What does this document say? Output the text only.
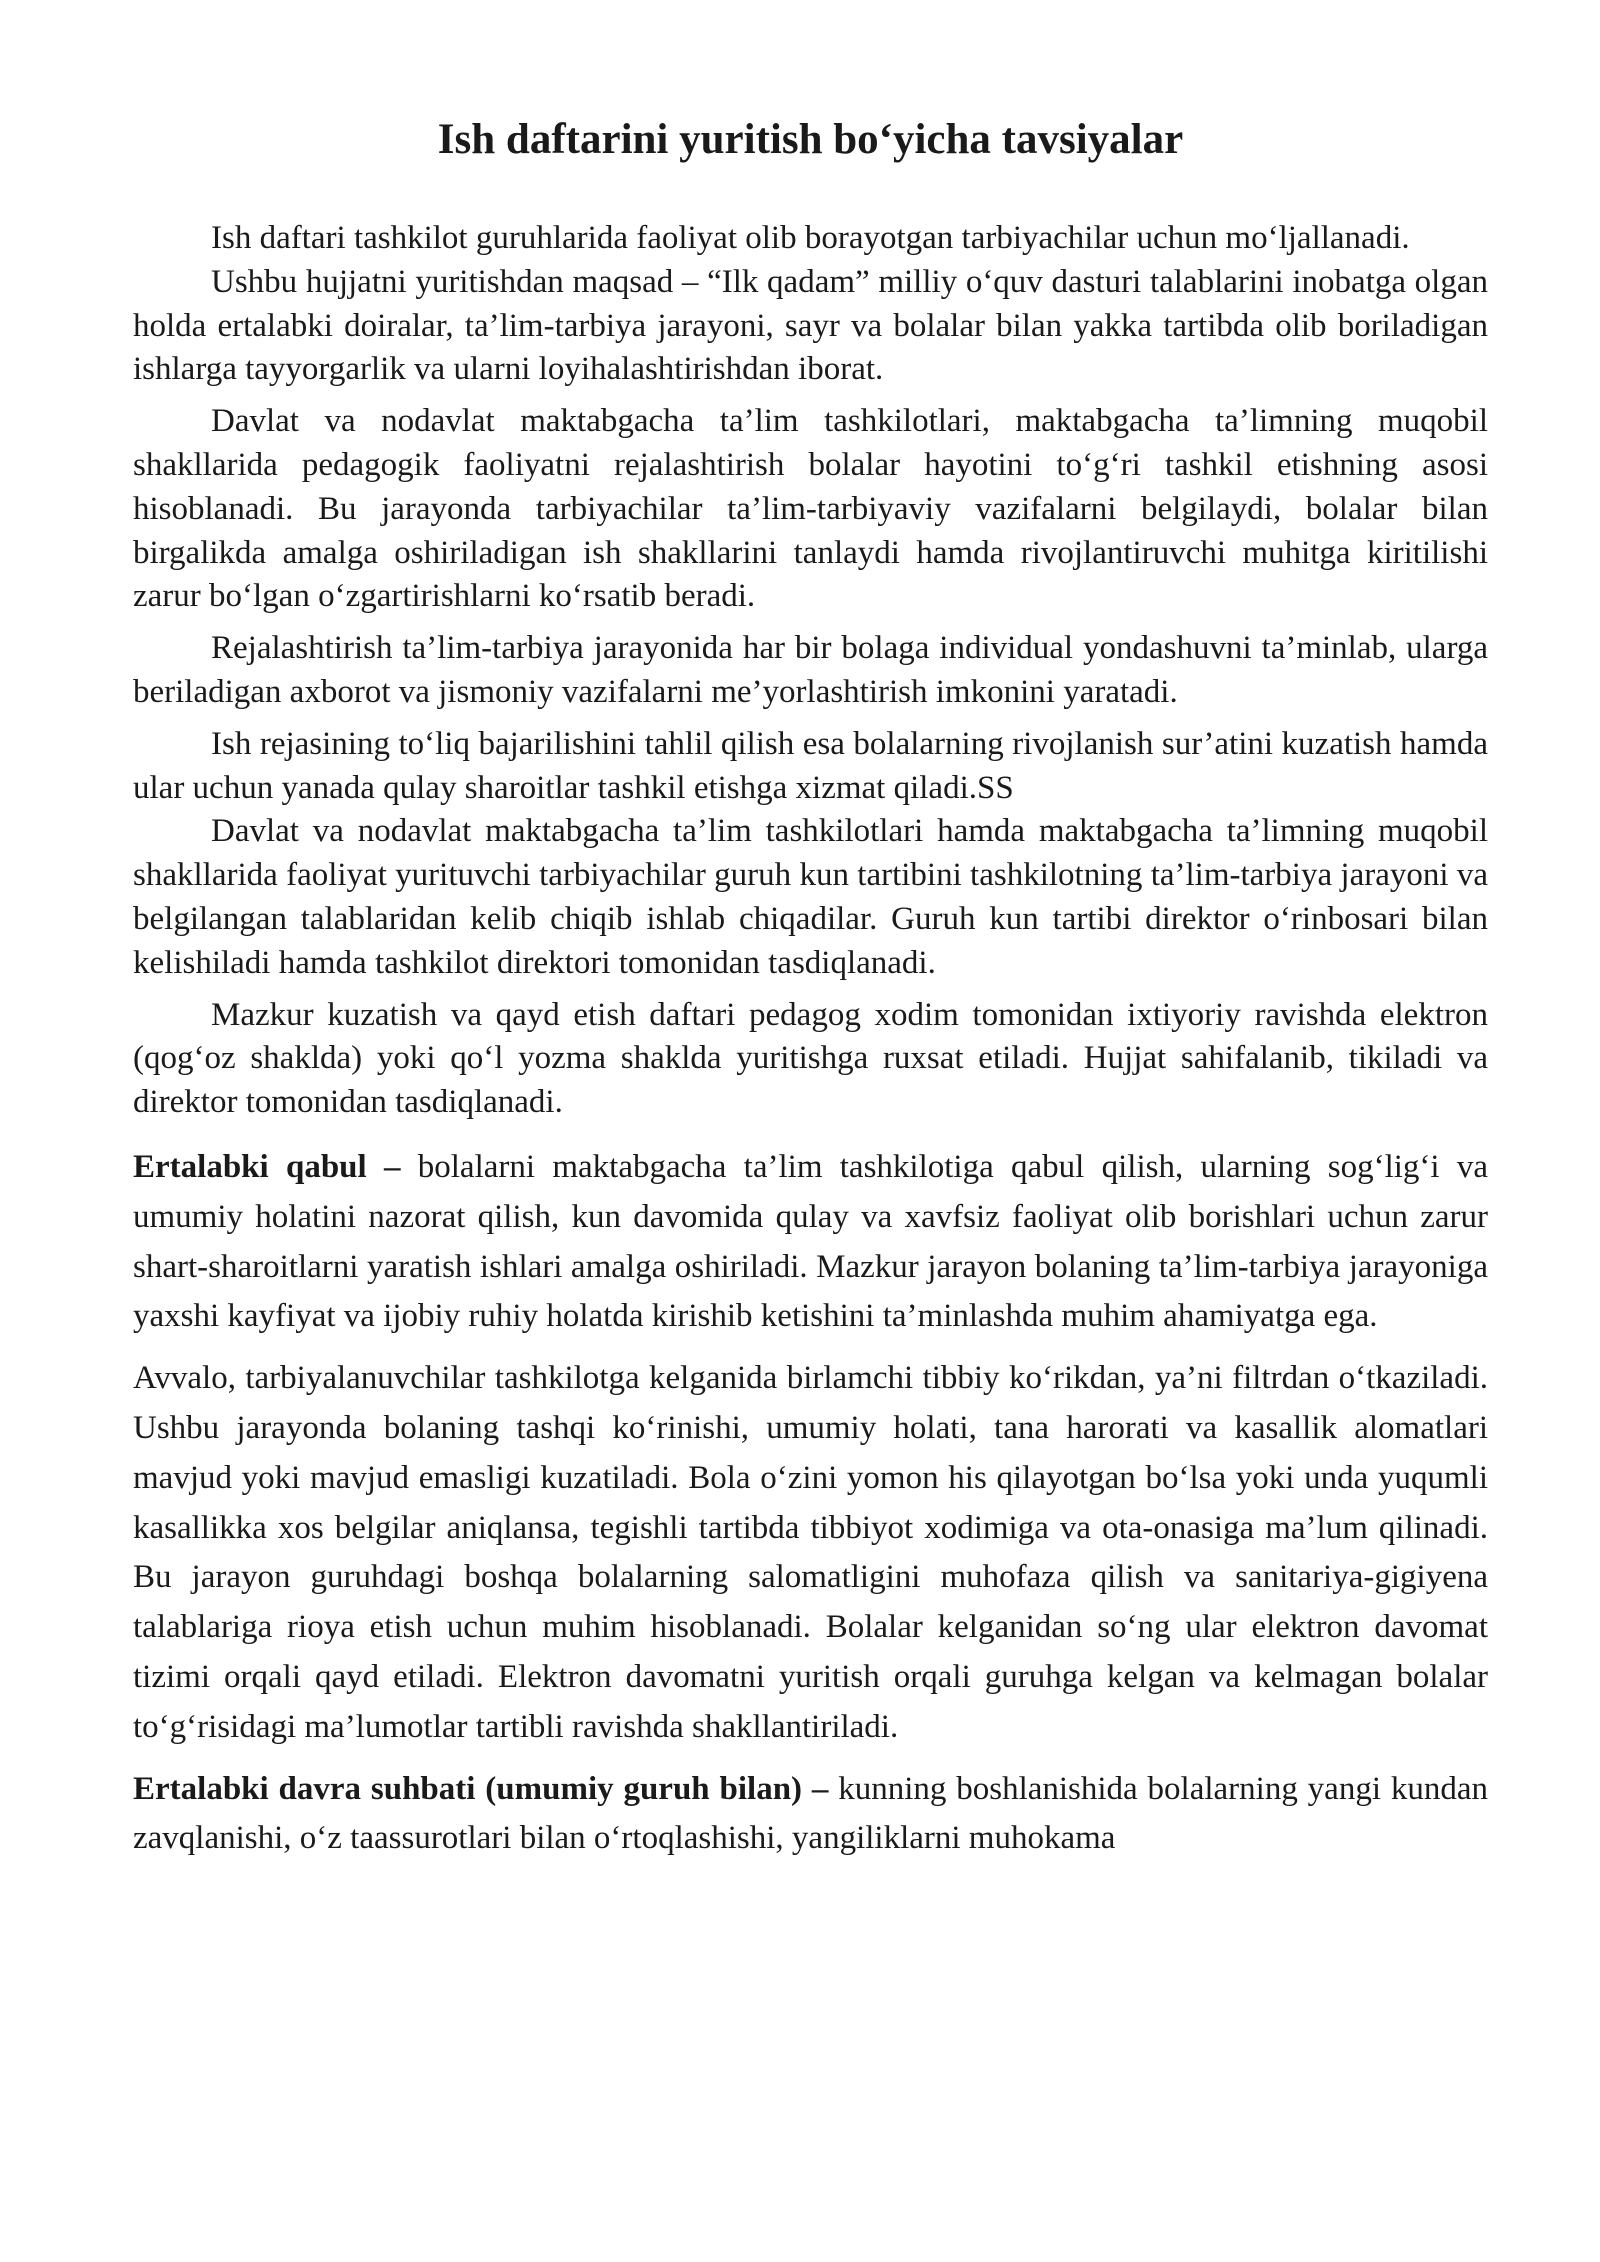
Ish daftarini yuritish bo‘yicha tavsiyalar

Ish daftari tashkilot guruhlarida faoliyat olib borayotgan tarbiyachilar uchun mo‘ljallanadi.

Ushbu hujjatni yuritishdan maqsad – “Ilk qadam” milliy o‘quv dasturi talablarini inobatga olgan holda ertalabki doiralar, ta’lim-tarbiya jarayoni, sayr va bolalar bilan yakka tartibda olib boriladigan ishlarga tayyorgarlik va ularni loyihalashtirishdan iborat.

Davlat va nodavlat maktabgacha ta’lim tashkilotlari, maktabgacha ta’limning muqobil shakllarida pedagogik faoliyatni rejalashtirish bolalar hayotini to‘g‘ri tashkil etishning asosi hisoblanadi. Bu jarayonda tarbiyachilar ta’lim-tarbiyaviy vazifalarni belgilaydi, bolalar bilan birgalikda amalga oshiriladigan ish shakllarini tanlaydi hamda rivojlantiruvchi muhitga kiritilishi zarur bo‘lgan o‘zgartirishlarni ko‘rsatib beradi.

Rejalashtirish ta’lim-tarbiya jarayonida har bir bolaga individual yondashuvni ta’minlab, ularga beriladigan axborot va jismoniy vazifalarni me’yorlashtirish imkonini yaratadi.

Ish rejasining to‘liq bajarilishini tahlil qilish esa bolalarning rivojlanish sur’atini kuzatish hamda ular uchun yanada qulay sharoitlar tashkil etishga xizmat qiladi.SS

Davlat va nodavlat maktabgacha ta’lim tashkilotlari hamda maktabgacha ta’limning muqobil shakllarida faoliyat yurituvchi tarbiyachilar guruh kun tartibini tashkilotning ta’lim-tarbiya jarayoni va belgilangan talablaridan kelib chiqib ishlab chiqadilar. Guruh kun tartibi direktor o‘rinbosari bilan kelishiladi hamda tashkilot direktori tomonidan tasdiqlanadi.

Mazkur kuzatish va qayd etish daftari pedagog xodim tomonidan ixtiyoriy ravishda elektron (qog‘oz shaklda) yoki qo‘l yozma shaklda yuritishga ruxsat etiladi. Hujjat sahifalanib, tikiladi va direktor tomonidan tasdiqlanadi.

Ertalabki qabul – bolalarni maktabgacha ta’lim tashkilotiga qabul qilish, ularning sog‘lig‘i va umumiy holatini nazorat qilish, kun davomida qulay va xavfsiz faoliyat olib borishlari uchun zarur shart-sharoitlarni yaratish ishlari amalga oshiriladi. Mazkur jarayon bolaning ta’lim-tarbiya jarayoniga yaxshi kayfiyat va ijobiy ruhiy holatda kirishib ketishini ta’minlashda muhim ahamiyatga ega.

Avvalo, tarbiyalanuvchilar tashkilotga kelganida birlamchi tibbiy ko‘rikdan, ya’ni filtrdan o‘tkaziladi. Ushbu jarayonda bolaning tashqi ko‘rinishi, umumiy holati, tana harorati va kasallik alomatlari mavjud yoki mavjud emasligi kuzatiladi. Bola o‘zini yomon his qilayotgan bo‘lsa yoki unda yuqumli kasallikka xos belgilar aniqlansa, tegishli tartibda tibbiyot xodimiga va ota-onasiga ma’lum qilinadi. Bu jarayon guruhdagi boshqa bolalarning salomatligini muhofaza qilish va sanitariya-gigiyena talablariga rioya etish uchun muhim hisoblanadi. Bolalar kelganidan so‘ng ular elektron davomat tizimi orqali qayd etiladi. Elektron davomatni yuritish orqali guruhga kelgan va kelmagan bolalar to‘g‘risidagi ma’lumotlar tartibli ravishda shakllantiriladi.

Ertalabki davra suhbati (umumiy guruh bilan) – kunning boshlanishida bolalarning yangi kundan zavqlanishi, o‘z taassurotlari bilan o‘rtoqlashishi, yangiliklarni muhokama
